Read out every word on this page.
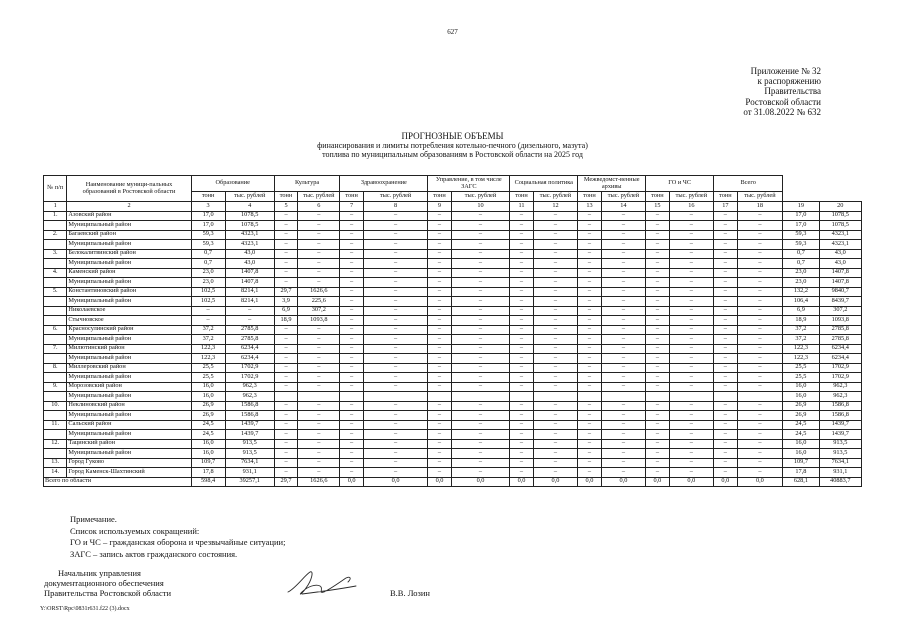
627
Приложение № 32
к распоряжению
Правительства
Ростовской области
от 31.08.2022 № 632
ПРОГНОЗНЫЕ ОБЪЕМЫ
финансирования и лимиты потребления котельно-печного (дизельного, мазута)
топлива по муниципальным образованиям в Ростовской области на 2025 год
№ п/п	Наименование муници-пальных образований в Ростовской области	Образование		Культура		Здравоохранение		Управление, в том числе ЗАГС		Социальная политика		Межведомст-венные архивы		ГО и ЧС		Всего			
		тонн	тыс. рублей	тонн	тыс. рублей	тонн	тыс. рублей	тонн	тыс. рублей	тонн	тыс. рублей	тонн	тыс. рублей	тонн	тыс. рублей	тонн	тыс. рублей		
1	2	3	4	5	6	7	8	9	10	11	12	13	14	15	16	17	18	19	20
1.	Азовский район	17,0	1078,5	–	–	–	–	–	–	–	–	–	–	–	–	–	–	17,0	1078,5
	Муниципальный район	17,0	1078,5	–	–	–	–	–	–	–	–	–	–	–	–	–	–	17,0	1078,5
2.	Багаевский район	59,3	4323,1	–	–	–	–	–	–	–	–	–	–	–	–	–	–	59,3	4323,1
	Муниципальный район	59,3	4323,1	–	–	–	–	–	–	–	–	–	–	–	–	–	–	59,3	4323,1
3.	Белокалитвинский район	0,7	43,0	–	–	–	–	–	–	–	–	–	–	–	–	–	–	0,7	43,0
	Муниципальный район	0,7	43,0	–	–	–	–	–	–	–	–	–	–	–	–	–	–	0,7	43,0
4.	Каменский район	23,0	1407,8	–	–	–	–	–	–	–	–	–	–	–	–	–	–	23,0	1407,8
	Муниципальный район	23,0	1407,8	–	–	–	–	–	–	–	–	–	–	–	–	–	–	23,0	1407,8
5.	Константиновский район	102,5	8214,1	29,7	1626,6	–	–	–	–	–	–	–	–	–	–	–	–	132,2	9840,7
	Муниципальный район	102,5	8214,1	3,9	225,6	–	–	–	–	–	–	–	–	–	–	–	–	106,4	8439,7
	Николаевское	–	–	6,9	307,2	–	–	–	–	–	–	–	–	–	–	–	–	6,9	307,2
	Стычновское	–	–	18,9	1093,8	–	–	–	–	–	–	–	–	–	–	–	–	18,9	1093,8
6.	Красносулинский район	37,2	2785,8	–	–	–	–	–	–	–	–	–	–	–	–	–	–	37,2	2785,8
	Муниципальный район	37,2	2785,8	–	–	–	–	–	–	–	–	–	–	–	–	–	–	37,2	2785,8
7.	Милютинский район	122,3	6234,4	–	–	–	–	–	–	–	–	–	–	–	–	–	–	122,3	6234,4
	Муниципальный район	122,3	6234,4	–	–	–	–	–	–	–	–	–	–	–	–	–	–	122,3	6234,4
8.	Миллеровский район	25,5	1702,9	–	–	–	–	–	–	–	–	–	–	–	–	–	–	25,5	1702,9
	Муниципальный район	25,5	1702,9	–	–	–	–	–	–	–	–	–	–	–	–	–	–	25,5	1702,9
9.	Морозовский район	16,0	962,3	–	–	–	–	–	–	–	–	–	–	–	–	–	–	16,0	962,3
	Муниципальный район	16,0	962,3															16,0	962,3
10.	Неклиновский район	26,9	1586,8	–	–	–	–	–	–	–	–	–	–	–	–	–	–	26,9	1586,8
	Муниципальный район	26,9	1586,8	–	–	–	–	–	–	–	–	–	–	–	–	–	–	26,9	1586,8
11.	Сальский район	24,5	1439,7	–	–	–	–	–	–	–	–	–	–	–	–	–	–	24,5	1439,7
	Муниципальный район	24,5	1439,7	–	–	–	–	–	–	–	–	–	–	–	–	–	–	24,5	1439,7
12.	Тацинский район	16,0	913,5	–	–	–	–	–	–	–	–	–	–	–	–	–	–	16,0	913,5
	Муниципальный район	16,0	913,5	–	–	–	–	–	–	–	–	–	–	–	–	–	–	16,0	913,5
13.	Город Гуково	109,7	7634,1	–	–	–	–	–	–	–	–	–	–	–	–	–	–	109,7	7634,1
14.	Город Каменск-Шахтинский	17,8	931,1	–	–	–	–	–	–	–	–	–	–	–	–	–	–	17,8	931,1
Всего по области		598,4	39257,1	29,7	1626,6	0,0	0,0	0,0	0,0	0,0	0,0	0,0	0,0	0,0	0,0	0,0	0,0	628,1	40883,7
Примечание.
Список используемых сокращений:
ГО и ЧС – гражданская оборона и чрезвычайные ситуации;
ЗАГС – запись актов гражданского состояния.
Начальник управления
документационного обеспечения
Правительства Ростовской области	В.В. Лозин
Y:\ORST\Rpc\0831r631.f22 (3).docx
